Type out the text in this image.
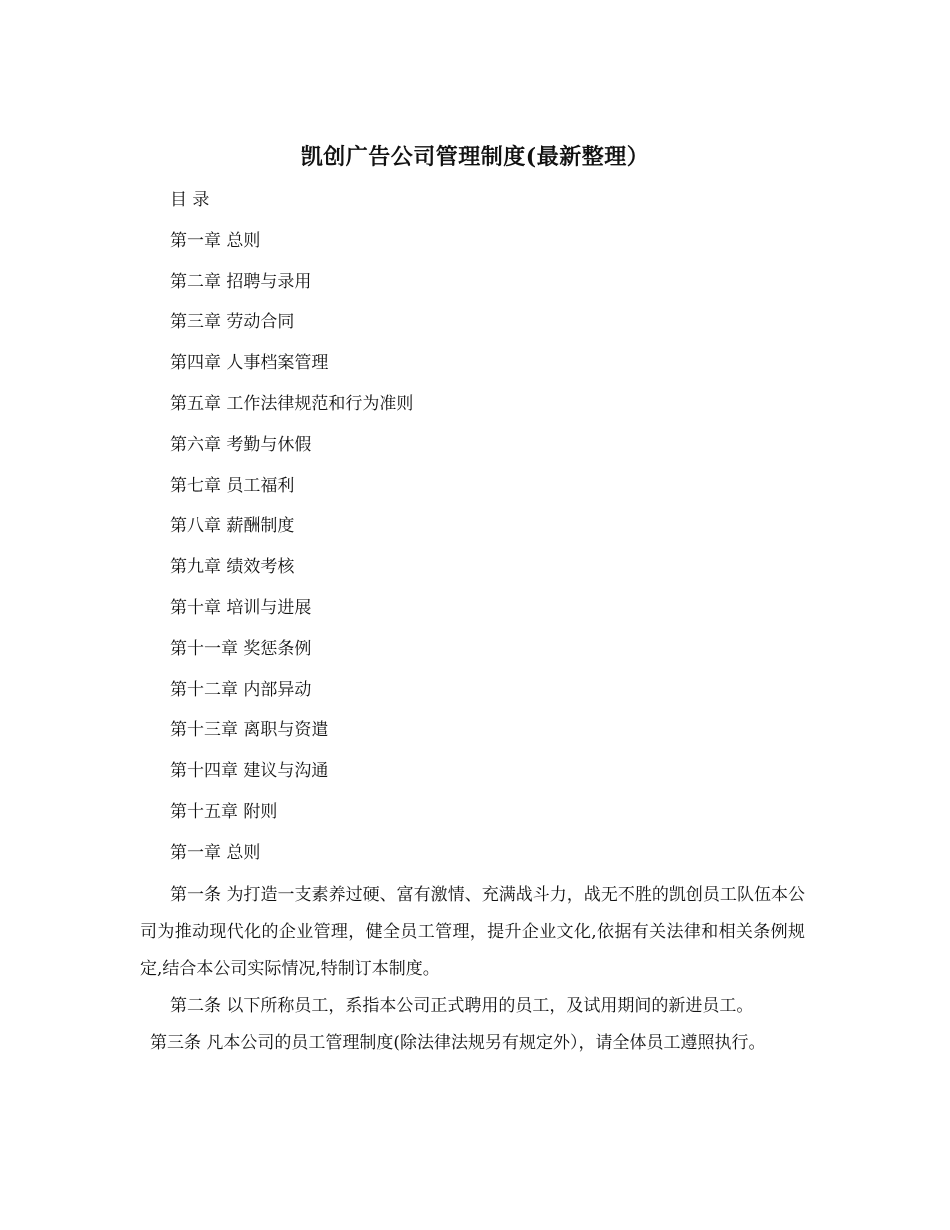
凯创广告公司管理制度(最新整理）
目 录
第一章 总则
第二章 招聘与录用
第三章 劳动合同
第四章 人事档案管理
第五章 工作法律规范和行为准则
第六章 考勤与休假
第七章 员工福利
第八章 薪酬制度
第九章 绩效考核
第十章 培训与进展
第十一章 奖惩条例
第十二章 内部异动
第十三章 离职与资遣
第十四章 建议与沟通
第十五章 附则
第一章 总则

第一条 为打造一支素养过硬、富有激情、充满战斗力，战无不胜的凯创员工队伍本公司为推动现代化的企业管理，健全员工管理，提升企业文化,依据有关法律和相关条例规定,结合本公司实际情况,特制订本制度。

第二条 以下所称员工，系指本公司正式聘用的员工，及试用期间的新进员工。

第三条 凡本公司的员工管理制度(除法律法规另有规定外），请全体员工遵照执行。
